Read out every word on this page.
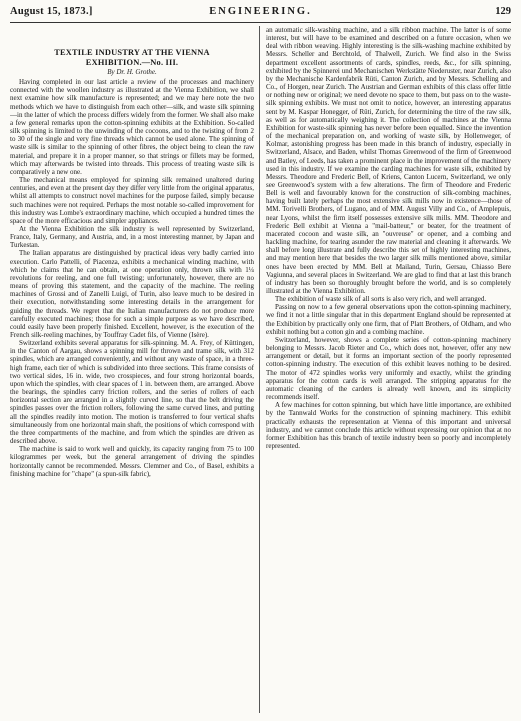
August 15, 1873.]	ENGINEERING.	129
TEXTILE INDUSTRY AT THE VIENNA
EXHIBITION.—No. III.
By Dr. H. Grothe.

Having completed in our last article a review of the processes and machinery connected with the woollen industry as illustrated at the Vienna Exhibition, we shall next examine how silk manufacture is represented; and we may here note the two methods which we have to distinguish from each other—silk, and waste silk spinning—in the latter of which the process differs widely from the former. We shall also make a few general remarks upon the cotton-spinning exhibits at the Exhibition. So-called silk spinning is limited to the unwinding of the cocoons, and to the twisting of from 2 to 30 of the single and very fine threads which cannot be used alone. The spinning of waste silk is similar to the spinning of other fibres, the object being to clean the raw material, and prepare it in a proper manner, so that strings or fillets may be formed, which may afterwards be twisted into threads. This process of treating waste silk is comparatively a new one.

The mechanical means employed for spinning silk remained unaltered during centuries, and even at the present day they differ very little from the original apparatus, whilst all attempts to construct novel machines for the purpose failed, simply because such machines were not required. Perhaps the most notable so-called improvement for this industry was Lombe's extraordinary machine, which occupied a hundred times the space of the more efficacious and simpler appliances.

At the Vienna Exhibition the silk industry is well represented by Switzerland, France, Italy, Germany, and Austria, and, in a most interesting manner, by Japan and Turkestan.

The Italian apparatus are distinguished by practical ideas very badly carried into execution. Carlo Pattelli, of Piacenza, exhibits a mechanical winding machine, with which he claims that he can obtain, at one operation only, thrown silk with 1¼ revolutions for reeling, and one full twisting; unfortunately, however, there are no means of proving this statement, and the capacity of the machine. The reeling machines of Grossi and of Zanelli Luigi, of Turin, also leave much to be desired in their execution, notwithstanding some interesting details in the arrangement for guiding the threads. We regret that the Italian manufacturers do not produce more carefully executed machines; those for such a simple purpose as we have described, could easily have been properly finished. Excellent, however, is the execution of the French silk-reeling machines, by Touffray Cadet fils, of Vienne (Isère).

Switzerland exhibits several apparatus for silk-spinning. M. A. Frey, of Küttingen, in the Canton of Aargau, shows a spinning mill for thrown and trame silk, with 312 spindles, which are arranged conveniently, and without any waste of space, in a three-high frame, each tier of which is subdivided into three sections. This frame consists of two vertical sides, 16 in. wide, two crosspieces, and four strong horizontal boards, upon which the spindles, with clear spaces of 1 in. between them, are arranged. Above the bearings, the spindles carry friction rollers, and the series of rollers of each horizontal section are arranged in a slightly curved line, so that the belt driving the spindles passes over the friction rollers, following the same curved lines, and putting all the spindles readily into motion. The motion is transferred to four vertical shafts simultaneously from one horizontal main shaft, the positions of which correspond with the three compartments of the machine, and from which the spindles are driven as described above.

The machine is said to work well and quickly, its capacity ranging from 75 to 100 kilogrammes per week, but the general arrangement of driving the spindles horizontally cannot be recommended. Messrs. Clemmer and Co., of Basel, exhibits a finishing machine for "chape" (a spun-silk fabric),

an automatic silk-washing machine, and a silk ribbon machine. The latter is of some interest, but will have to be examined and described on a future occasion, when we deal with ribbon weaving. Highly interesting is the silk-washing machine exhibited by Messrs. Scheller and Berchtold, of Thalwell, Zurich. We find also in the Swiss department excellent assortments of cards, spindles, reeds, &c., for silk spinning, exhibited by the Spinnerei und Mechanischen Werkstätte Niederuster, near Zurich, also by the Mechanische Kardenfabrik Rüti, Canton Zurich, and by Messrs. Schelling and Co., of Horgen, near Zurich. The Austrian and German exhibits of this class offer little or nothing new or original; we need devote no space to them, but pass on to the waste-silk spinning exhibits. We must not omit to notice, however, an interesting apparatus sent by M. Kaspar Honegger, of Rüti, Zurich, for determining the titre of the raw silk, as well as for automatically weighing it. The collection of machines at the Vienna Exhibition for waste-silk spinning has never before been equalled. Since the invention of the mechanical preparation on, and working of waste silk, by Hollenweger, of Kolmar, astonishing progress has been made in this branch of industry, especially in Switzerland, Alsace, and Baden, whilst Thomas Greenwood of the firm of Greenwood and Batley, of Leeds, has taken a prominent place in the improvement of the machinery used in this industry. If we examine the carding machines for waste silk, exhibited by Messrs. Theodore and Frederic Bell, of Kriens, Canton Lucern, Switzerland, we only see Greenwood's system with a few alterations. The firm of Theodore and Frederic Bell is well and favourably known for the construction of silk-combing machines, having built lately perhaps the most extensive silk mills now in existence—those of MM. Torivelli Brothers, of Lugano, and of MM. August Villy and Co., of Amplepuis, near Lyons, whilst the firm itself possesses extensive silk mills. MM. Theodore and Frederic Bell exhibit at Vienna a "mail-batteur," or beater, for the treatment of macerated cocoon and waste silk, an "ouvreuse" or opener, and a combing and hackling machine, for tearing asunder the raw material and cleaning it afterwards. We shall before long illustrate and fully describe this set of highly interesting machines, and may mention here that besides the two larger silk mills mentioned above, similar ones have been erected by MM. Bell at Mailand, Turin, Gersau, Chiasso Bere Vagiunna, and several places in Switzerland. We are glad to find that at last this branch of industry has been so thoroughly brought before the world, and is so completely illustrated at the Vienna Exhibition.

The exhibition of waste silk of all sorts is also very rich, and well arranged.

Passing on now to a few general observations upon the cotton-spinning machinery, we find it not a little singular that in this department England should be represented at the Exhibition by practically only one firm, that of Platt Brothers, of Oldham, and who exhibit nothing but a cotton gin and a combing machine.

Switzerland, however, shows a complete series of cotton-spinning machinery belonging to Messrs. Jacob Rieter and Co., which does not, however, offer any new arrangement or detail, but it forms an important section of the poorly represented cotton-spinning industry. The execution of this exhibit leaves nothing to be desired. The motor of 472 spindles works very uniformly and exactly, whilst the grinding apparatus for the cotton cards is well arranged. The stripping apparatus for the automatic cleaning of the carders is already well known, and its simplicity recommends itself.

A few machines for cotton spinning, but which have little importance, are exhibited by the Tannwald Works for the construction of spinning machinery. This exhibit practically exhausts the representation at Vienna of this important and universal industry, and we cannot conclude this article without expressing our opinion that at no former Exhibition has this branch of textile industry been so poorly and incompletely represented.
